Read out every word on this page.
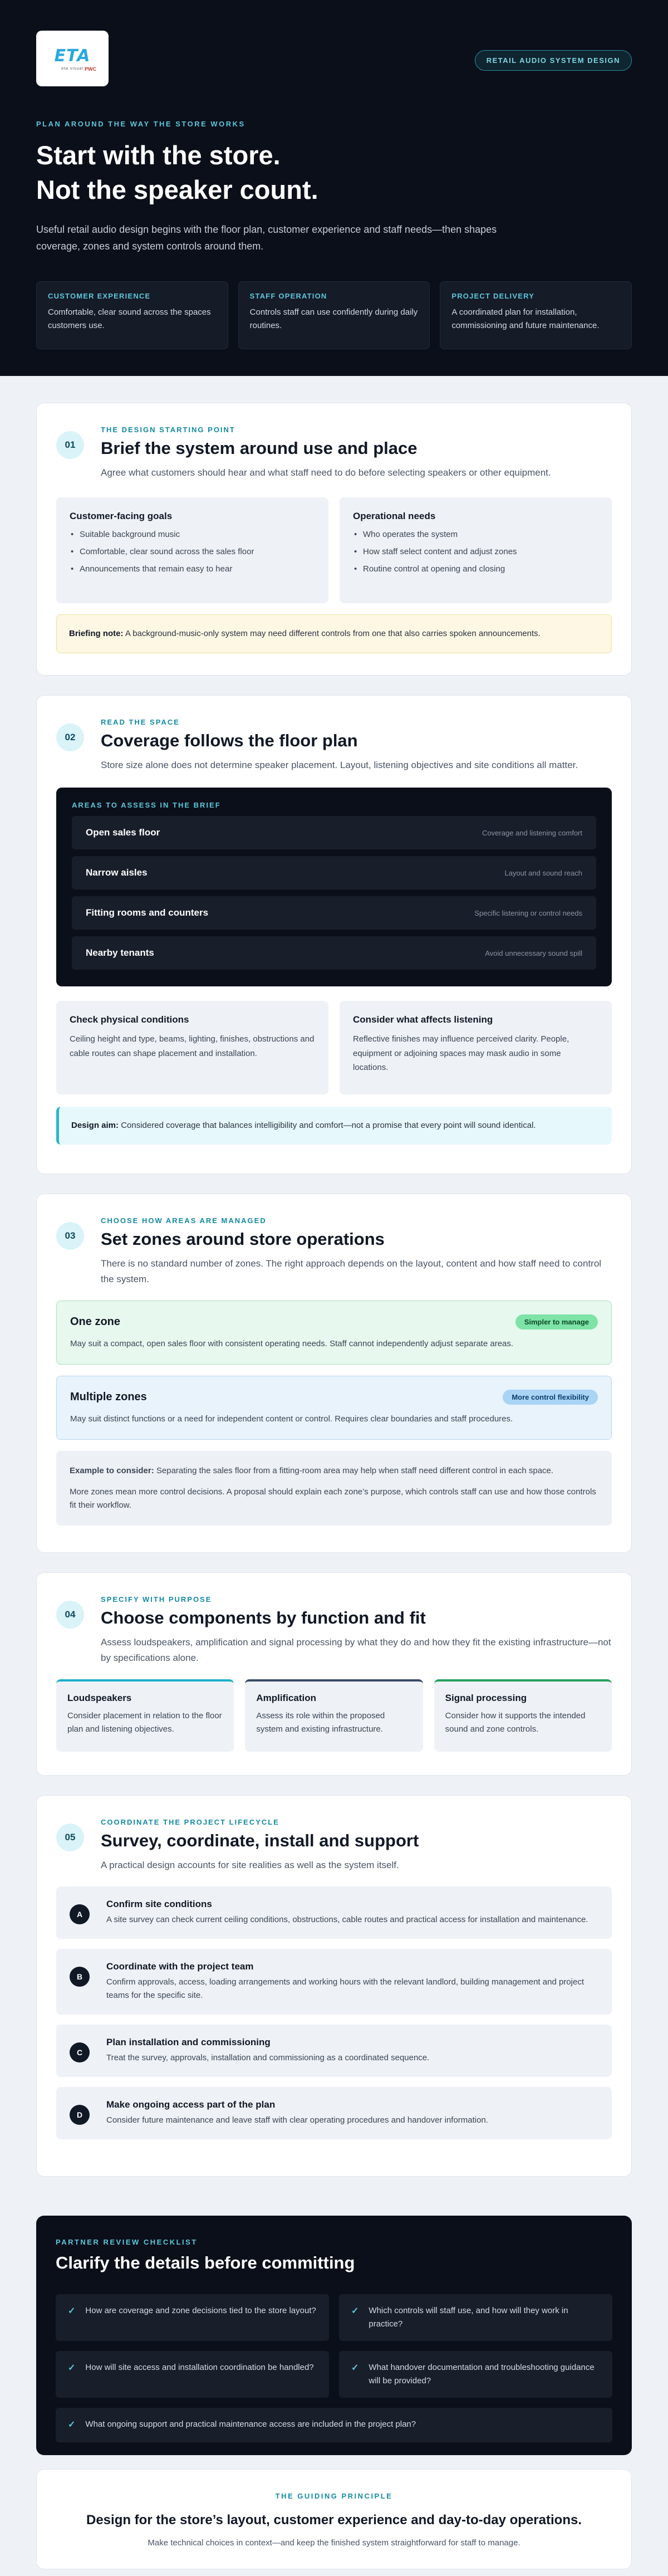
ETA
eta visual PWC
RETAIL AUDIO SYSTEM DESIGN
PLAN AROUND THE WAY THE STORE WORKS
Start with the store.
Not the speaker count.

Useful retail audio design begins with the floor plan, customer experience and staff needs—then shapes coverage, zones and system controls around them.

CUSTOMER EXPERIENCE
Comfortable, clear sound across the spaces customers use.
STAFF OPERATION
Controls staff can use confidently during daily routines.
PROJECT DELIVERY
A coordinated plan for installation, commissioning and future maintenance.
01
THE DESIGN STARTING POINT
Brief the system around use and place

Agree what customers should hear and what staff need to do before selecting speakers or other equipment.

Customer-facing goals
• Suitable background music
• Comfortable, clear sound across the sales floor
• Announcements that remain easy to hear
Operational needs
• Who operates the system
• How staff select content and adjust zones
• Routine control at opening and closing
Briefing note: A background-music-only system may need different controls from one that also carries spoken announcements.
02
READ THE SPACE
Coverage follows the floor plan

Store size alone does not determine speaker placement. Layout, listening objectives and site conditions all matter.

AREAS TO ASSESS IN THE BRIEF
Open sales floor	Coverage and listening comfort
Narrow aisles	Layout and sound reach
Fitting rooms and counters	Specific listening or control needs
Nearby tenants	Avoid unnecessary sound spill
Check physical conditions

Ceiling height and type, beams, lighting, finishes, obstructions and cable routes can shape placement and installation.

Consider what affects listening

Reflective finishes may influence perceived clarity. People, equipment or adjoining spaces may mask audio in some locations.

Design aim: Considered coverage that balances intelligibility and comfort—not a promise that every point will sound identical.
03
CHOOSE HOW AREAS ARE MANAGED
Set zones around store operations

There is no standard number of zones. The right approach depends on the layout, content and how staff need to control the system.

One zone	Simpler to manage

May suit a compact, open sales floor with consistent operating needs. Staff cannot independently adjust separate areas.

Multiple zones	More control flexibility

May suit distinct functions or a need for independent content or control. Requires clear boundaries and staff procedures.

Example to consider: Separating the sales floor from a fitting-room area may help when staff need different control in each space.

More zones mean more control decisions. A proposal should explain each zone’s purpose, which controls staff can use and how those controls fit their workflow.

04
SPECIFY WITH PURPOSE
Choose components by function and fit

Assess loudspeakers, amplification and signal processing by what they do and how they fit the existing infrastructure—not by specifications alone.

Loudspeakers
Consider placement in relation to the floor plan and listening objectives.
Amplification
Assess its role within the proposed system and existing infrastructure.
Signal processing
Consider how it supports the intended sound and zone controls.
05
COORDINATE THE PROJECT LIFECYCLE
Survey, coordinate, install and support

A practical design accounts for site realities as well as the system itself.

A
Confirm site conditions
A site survey can check current ceiling conditions, obstructions, cable routes and practical access for installation and maintenance.
B
Coordinate with the project team
Confirm approvals, access, loading arrangements and working hours with the relevant landlord, building management and project teams for the specific site.
C
Plan installation and commissioning
Treat the survey, approvals, installation and commissioning as a coordinated sequence.
D
Make ongoing access part of the plan
Consider future maintenance and leave staff with clear operating procedures and handover information.
PARTNER REVIEW CHECKLIST
Clarify the details before committing
✓ How are coverage and zone decisions tied to the store layout?	✓ Which controls will staff use, and how will they work in practice?
✓ How will site access and installation coordination be handled?	✓ What handover documentation and troubleshooting guidance will be provided?
✓ What ongoing support and practical maintenance access are included in the project plan?
THE GUIDING PRINCIPLE
Design for the store’s layout, customer experience and day-to-day operations.
Make technical choices in context—and keep the finished system straightforward for staff to manage.
